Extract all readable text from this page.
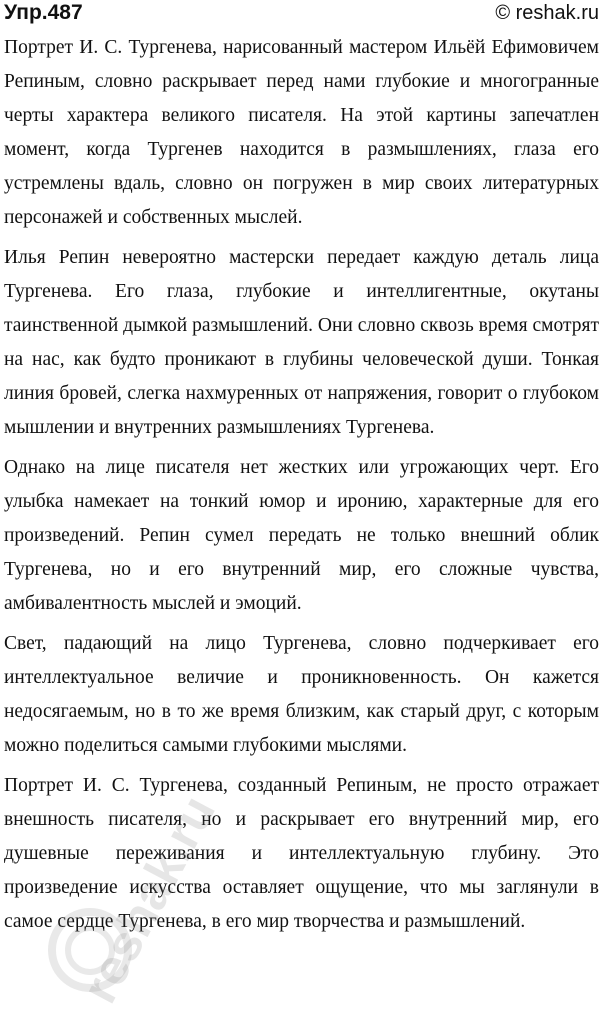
Упр.487	© reshak.ru

Портрет И. С. Тургенева, нарисованный мастером Ильёй Ефимовичем Репиным, словно раскрывает перед нами глубокие и многогранные черты характера великого писателя. На этой картины запечатлен момент, когда Тургенев находится в размышлениях, глаза его устремлены вдаль, словно он погружен в мир своих литературных персонажей и собственных мыслей.

Илья Репин невероятно мастерски передает каждую деталь лица Тургенева. Его глаза, глубокие и интеллигентные, окутаны таинственной дымкой размышлений. Они словно сквозь время смотрят на нас, как будто проникают в глубины человеческой души. Тонкая линия бровей, слегка нахмуренных от напряжения, говорит о глубоком мышлении и внутренних размышлениях Тургенева.

Однако на лице писателя нет жестких или угрожающих черт. Его улыбка намекает на тонкий юмор и иронию, характерные для его произведений. Репин сумел передать не только внешний облик Тургенева, но и его внутренний мир, его сложные чувства, амбивалентность мыслей и эмоций.

Свет, падающий на лицо Тургенева, словно подчеркивает его интеллектуальное величие и проникновенность. Он кажется недосягаемым, но в то же время близким, как старый друг, с которым можно поделиться самыми глубокими мыслями.

Портрет И. С. Тургенева, созданный Репиным, не просто отражает внешность писателя, но и раскрывает его внутренний мир, его душевные переживания и интеллектуальную глубину. Это произведение искусства оставляет ощущение, что мы заглянули в самое сердце Тургенева, в его мир творчества и размышлений.

reshak.ru
